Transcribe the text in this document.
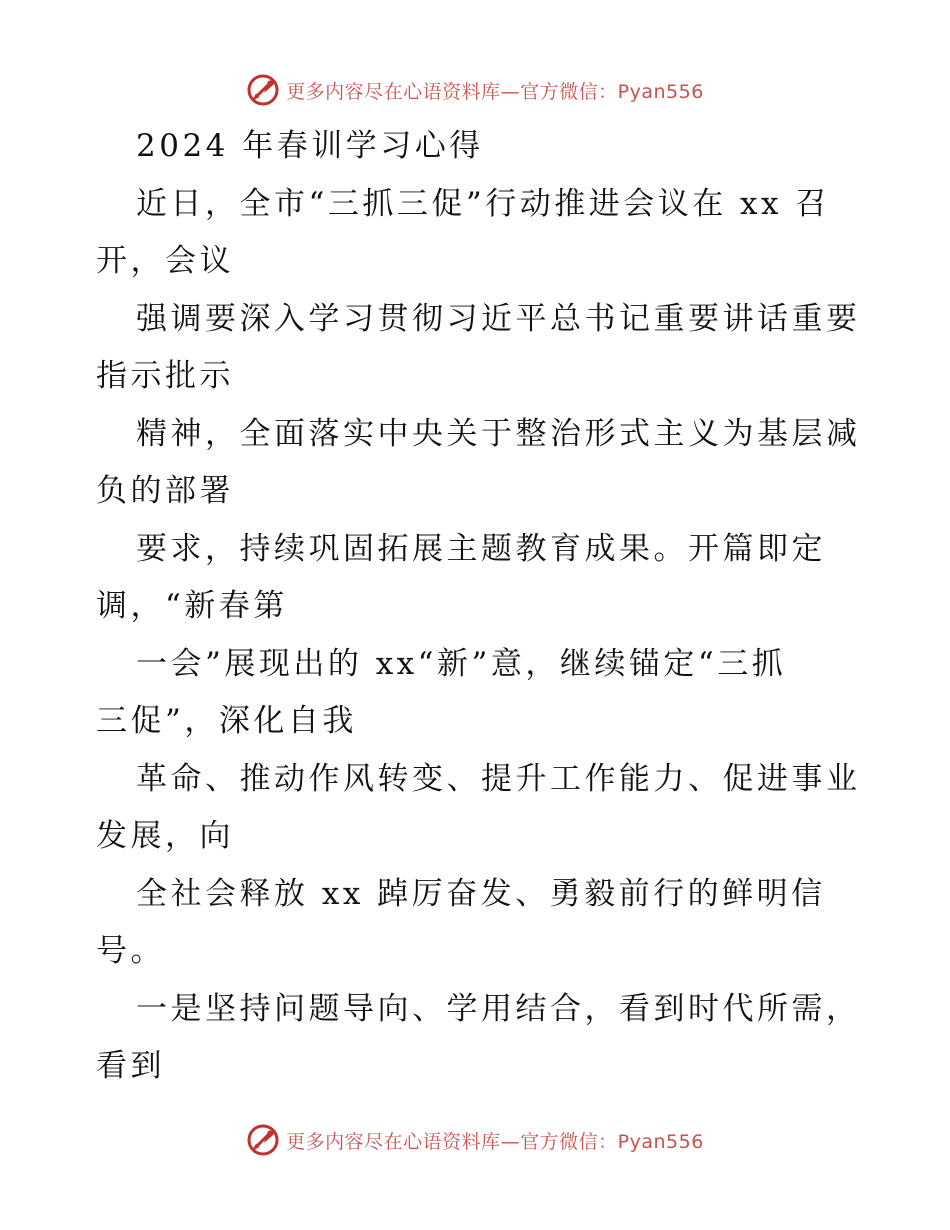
更多内容尽在心语资料库—官方微信：Pyan556
2024 年春训学习心得
近日，全市“三抓三促”行动推进会议在 xx 召
开，会议
强调要深入学习贯彻习近平总书记重要讲话重要
指示批示
精神，全面落实中央关于整治形式主义为基层减
负的部署
要求，持续巩固拓展主题教育成果。开篇即定
调，“新春第
一会”展现出的 xx“新”意，继续锚定“三抓
三促”，深化自我
革命、推动作风转变、提升工作能力、促进事业
发展，向
全社会释放 xx 踔厉奋发、勇毅前行的鲜明信
号。
一是坚持问题导向、学用结合，看到时代所需，
看到
更多内容尽在心语资料库—官方微信：Pyan556
